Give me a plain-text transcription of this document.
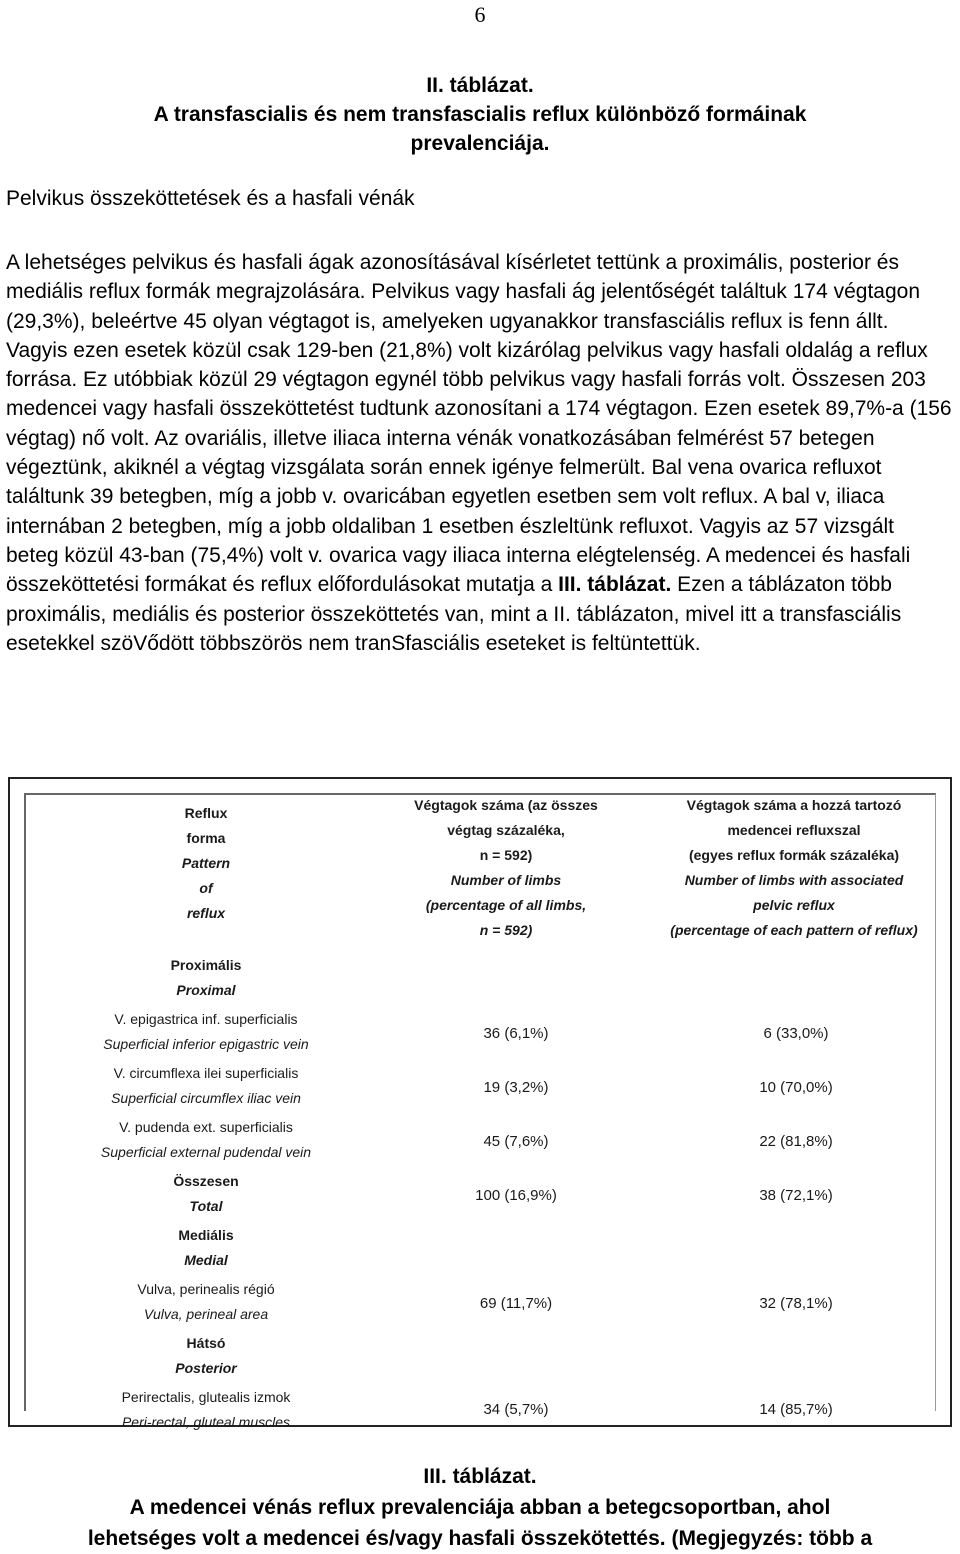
6
II. táblázat.
A transfascialis és nem transfascialis reflux különböző formáinak
prevalenciája.
Pelvikus összeköttetések és a hasfali vénák

A lehetséges pelvikus és hasfali ágak azonosításával kísérletet tettünk a proximális, posterior és mediális reflux formák megrajzolására. Pelvikus vagy hasfali ág jelentőségét találtuk 174 végtagon (29,3%), beleértve 45 olyan végtagot is, amelyeken ugyanakkor transfasciális reflux is fenn állt. Vagyis ezen esetek közül csak 129-ben (21,8%) volt kizárólag pelvikus vagy hasfali oldalág a reflux forrása. Ez utóbbiak közül 29 végtagon egynél több pelvikus vagy hasfali forrás volt. Összesen 203 medencei vagy hasfali összeköttetést tudtunk azonosítani a 174 végtagon. Ezen esetek 89,7%-a (156 végtag) nő volt. Az ovariális, illetve iliaca interna vénák vonatkozásában felmérést 57 betegen végeztünk, akiknél a végtag vizsgálata során ennek igénye felmerült. Bal vena ovarica refluxot találtunk 39 betegben, míg a jobb v. ovaricában egyetlen esetben sem volt reflux. A bal v, iliaca internában 2 betegben, míg a jobb oldaliban 1 esetben észleltünk refluxot. Vagyis az 57 vizsgált beteg közül 43-ban (75,4%) volt v. ovarica vagy iliaca interna elégtelenség. A medencei és hasfali összeköttetési formákat és reflux előfordulásokat mutatja a III. táblázat. Ezen a táblázaton több proximális, mediális és posterior összeköttetés van, mint a II. táblázaton, mivel itt a transfasciális esetekkel szöVődött többszörös nem tranSfasciális eseteket is feltüntettük.

Reflux
forma
Pattern
of
reflux
Végtagok száma (az összes
végtag százaléka,
n = 592)
Number of limbs
(percentage of all limbs,
n = 592)
Végtagok száma a hozzá tartozó
medencei refluxszal
(egyes reflux formák százaléka)
Number of limbs with associated
pelvic reflux
(percentage of each pattern of reflux)
Proximális
Proximal
V. epigastrica inf. superficialis
Superficial inferior epigastric vein
36 (6,1%)	6 (33,0%)
V. circumflexa ilei superficialis
Superficial circumflex iliac vein
19 (3,2%)	10 (70,0%)
V. pudenda ext. superficialis
Superficial external pudendal vein
45 (7,6%)	22 (81,8%)
Összesen
Total
100 (16,9%)	38 (72,1%)
Mediális
Medial
Vulva, perinealis régió
Vulva, perineal area
69 (11,7%)	32 (78,1%)
Hátsó
Posterior
Perirectalis, glutealis izmok
Peri-rectal, gluteal muscles
34 (5,7%)	14 (85,7%)
III. táblázat.
A medencei vénás reflux prevalenciája abban a betegcsoportban, ahol
lehetséges volt a medencei és/vagy hasfali összekötettés. (Megjegyzés: több a
